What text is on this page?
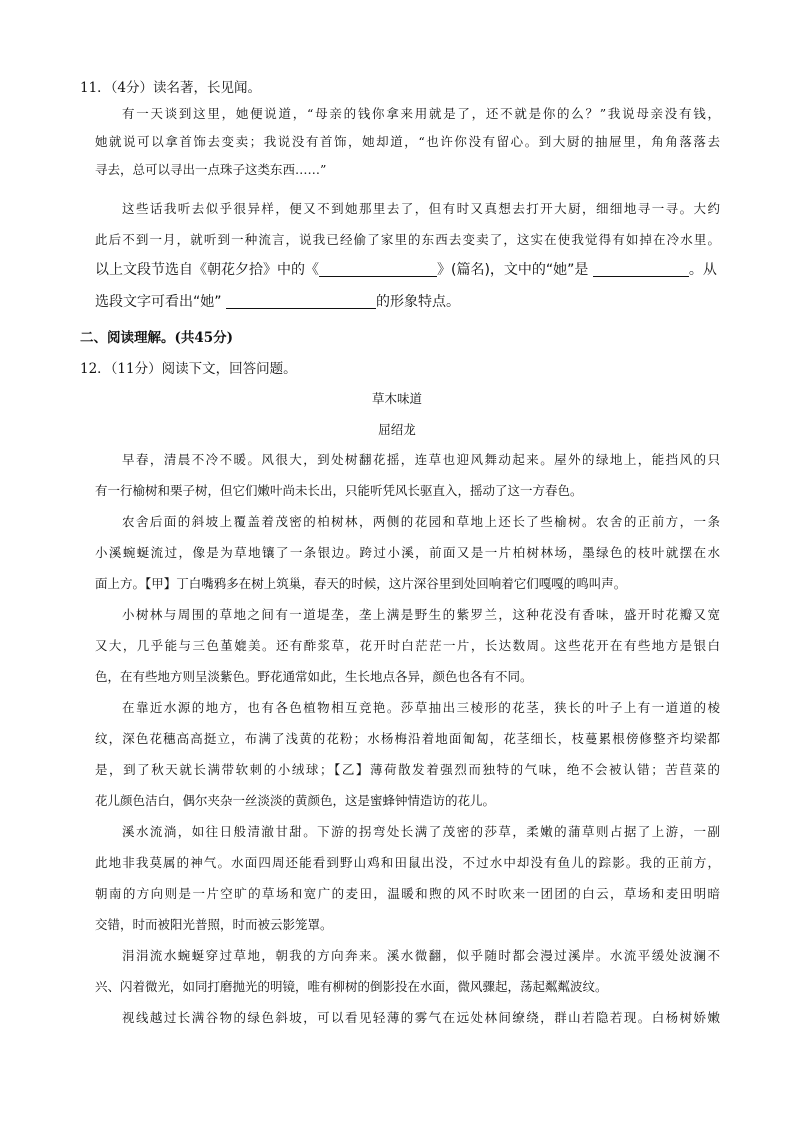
11．（4分）读名著，长见闻。
有一天谈到这里，她便说道，“母亲的钱你拿来用就是了，还不就是你的么？”我说母亲没有钱，
她就说可以拿首饰去变卖；我说没有首饰，她却道，“也许你没有留心。到大厨的抽屉里，角角落落去
寻去，总可以寻出一点珠子这类东西……”
这些话我听去似乎很异样，便又不到她那里去了，但有时又真想去打开大厨，细细地寻一寻。大约
此后不到一月，就听到一种流言，说我已经偷了家里的东西去变卖了，这实在使我觉得有如掉在冷水里。
以上文段节选自《朝花夕拾》中的《	》(篇名)，文中的“她”是	。从
选段文字可看出“她”	的形象特点。
二、阅读理解。(共45分)
12．（11分）阅读下文，回答问题。
草木味道
屈绍龙
早春，清晨不冷不暖。风很大，到处树翻花摇，连草也迎风舞动起来。屋外的绿地上，能挡风的只
有一行榆树和栗子树，但它们嫩叶尚未长出，只能听凭风长驱直入，摇动了这一方春色。
农舍后面的斜坡上覆盖着茂密的柏树林，两侧的花园和草地上还长了些榆树。农舍的正前方，一条
小溪蜿蜒流过，像是为草地镶了一条银边。跨过小溪，前面又是一片柏树林场，墨绿色的枝叶就摆在水
面上方。【甲】丁白嘴鸦多在树上筑巢，春天的时候，这片深谷里到处回响着它们嘎嘎的鸣叫声。
小树林与周围的草地之间有一道堤垄，垄上满是野生的紫罗兰，这种花没有香味，盛开时花瓣又宽
又大，几乎能与三色堇媲美。还有酢浆草，花开时白茫茫一片，长达数周。这些花开在有些地方是银白
色，在有些地方则呈淡紫色。野花通常如此，生长地点各异，颜色也各有不同。
在靠近水源的地方，也有各色植物相互竞艳。莎草抽出三棱形的花茎，狭长的叶子上有一道道的棱
纹，深色花穗高高挺立，布满了浅黄的花粉；水杨梅沿着地面匍匐，花茎细长，枝蔓累根傍修整齐均梁都
是，到了秋天就长满带软刺的小绒球；【乙】薄荷散发着强烈而独特的气味，绝不会被认错；苦苣菜的
花儿颜色洁白，偶尔夹杂一丝淡淡的黄颜色，这是蜜蜂钟情造访的花儿。
溪水流淌，如往日般清澈甘甜。下游的拐弯处长满了茂密的莎草，柔嫩的蒲草则占据了上游，一副
此地非我莫属的神气。水面四周还能看到野山鸡和田鼠出没，不过水中却没有鱼儿的踪影。我的正前方，
朝南的方向则是一片空旷的草场和宽广的麦田，温暖和煦的风不时吹来一团团的白云，草场和麦田明暗
交错，时而被阳光普照，时而被云影笼罩。
涓涓流水蜿蜒穿过草地，朝我的方向奔来。溪水微翻，似乎随时都会漫过溪岸。水流平缓处波澜不
兴、闪着微光，如同打磨抛光的明镜，唯有柳树的倒影投在水面，微风骤起，荡起粼粼波纹。
视线越过长满谷物的绿色斜坡，可以看见轻薄的雾气在远处林间缭绕，群山若隐若现。白杨树娇嫩
